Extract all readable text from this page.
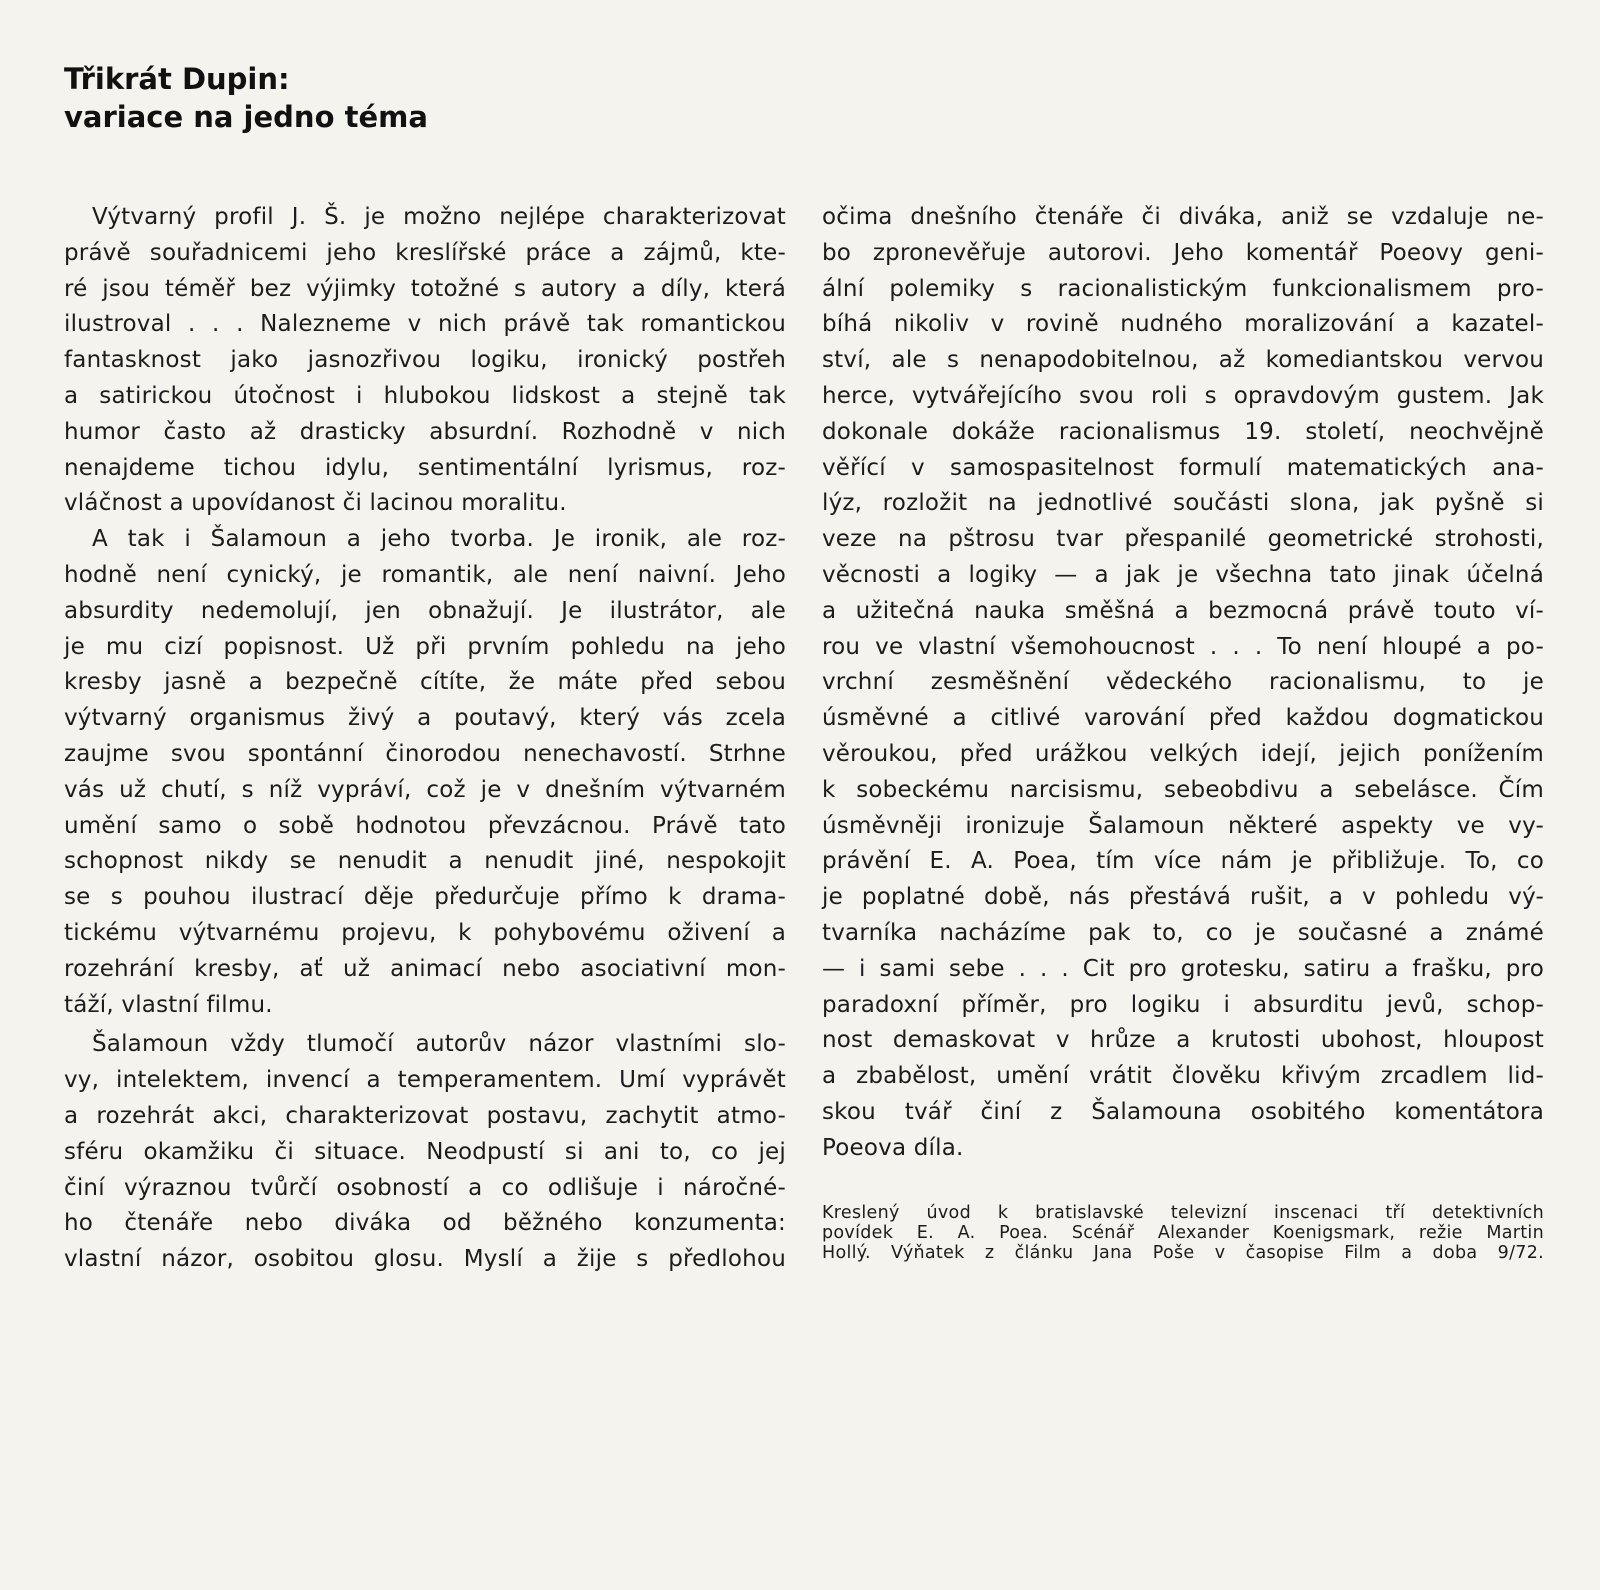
Třikrát Dupin:
variace na jedno téma
Výtvarný profil J. Š. je možno nejlépe charakterizovat
právě souřadnicemi jeho kreslířské práce a zájmů, kte-
ré jsou téměř bez výjimky totožné s autory a díly, která
ilustroval . . . Nalezneme v nich právě tak romantickou
fantasknost jako jasnozřivou logiku, ironický postřeh
a satirickou útočnost i hlubokou lidskost a stejně tak
humor často až drasticky absurdní. Rozhodně v nich
nenajdeme tichou idylu, sentimentální lyrismus, roz-
vláčnost a upovídanost či lacinou moralitu.
A tak i Šalamoun a jeho tvorba. Je ironik, ale roz-
hodně není cynický, je romantik, ale není naivní. Jeho
absurdity nedemolují, jen obnažují. Je ilustrátor, ale
je mu cizí popisnost. Už při prvním pohledu na jeho
kresby jasně a bezpečně cítíte, že máte před sebou
výtvarný organismus živý a poutavý, který vás zcela
zaujme svou spontánní činorodou nenechavostí. Strhne
vás už chutí, s níž vypráví, což je v dnešním výtvarném
umění samo o sobě hodnotou převzácnou. Právě tato
schopnost nikdy se nenudit a nenudit jiné, nespokojit
se s pouhou ilustrací děje předurčuje přímo k drama-
tickému výtvarnému projevu, k pohybovému oživení a
rozehrání kresby, ať už animací nebo asociativní mon-
táží, vlastní filmu.
Šalamoun vždy tlumočí autorův názor vlastními slo-
vy, intelektem, invencí a temperamentem. Umí vyprávět
a rozehrát akci, charakterizovat postavu, zachytit atmo-
sféru okamžiku či situace. Neodpustí si ani to, co jej
činí výraznou tvůrčí osobností a co odlišuje i náročné-
ho čtenáře nebo diváka od běžného konzumenta:
vlastní názor, osobitou glosu. Myslí a žije s předlohou
očima dnešního čtenáře či diváka, aniž se vzdaluje ne-
bo zpronevěřuje autorovi. Jeho komentář Poeovy geni-
ální polemiky s racionalistickým funkcionalismem pro-
bíhá nikoliv v rovině nudného moralizování a kazatel-
ství, ale s nenapodobitelnou, až komediantskou vervou
herce, vytvářejícího svou roli s opravdovým gustem. Jak
dokonale dokáže racionalismus 19. století, neochvějně
věřící v samospasitelnost formulí matematických ana-
lýz, rozložit na jednotlivé součásti slona, jak pyšně si
veze na pštrosu tvar přespanilé geometrické strohosti,
věcnosti a logiky — a jak je všechna tato jinak účelná
a užitečná nauka směšná a bezmocná právě touto ví-
rou ve vlastní všemohoucnost . . . To není hloupé a po-
vrchní zesměšnění vědeckého racionalismu, to je
úsměvné a citlivé varování před každou dogmatickou
věroukou, před urážkou velkých idejí, jejich ponížením
k sobeckému narcisismu, sebeobdivu a sebelásce. Čím
úsměvněji ironizuje Šalamoun některé aspekty ve vy-
právění E. A. Poea, tím více nám je přibližuje. To, co
je poplatné době, nás přestává rušit, a v pohledu vý-
tvarníka nacházíme pak to, co je současné a známé
— i sami sebe . . . Cit pro grotesku, satiru a frašku, pro
paradoxní příměr, pro logiku i absurditu jevů, schop-
nost demaskovat v hrůze a krutosti ubohost, hloupost
a zbabělost, umění vrátit člověku křivým zrcadlem lid-
skou tvář činí z Šalamouna osobitého komentátora
Poeova díla.
Kreslený úvod k bratislavské televizní inscenaci tří detektivních
povídek E. A. Poea. Scénář Alexander Koenigsmark, režie Martin
Hollý. Výňatek z článku Jana Poše v časopise Film a doba 9/72.
